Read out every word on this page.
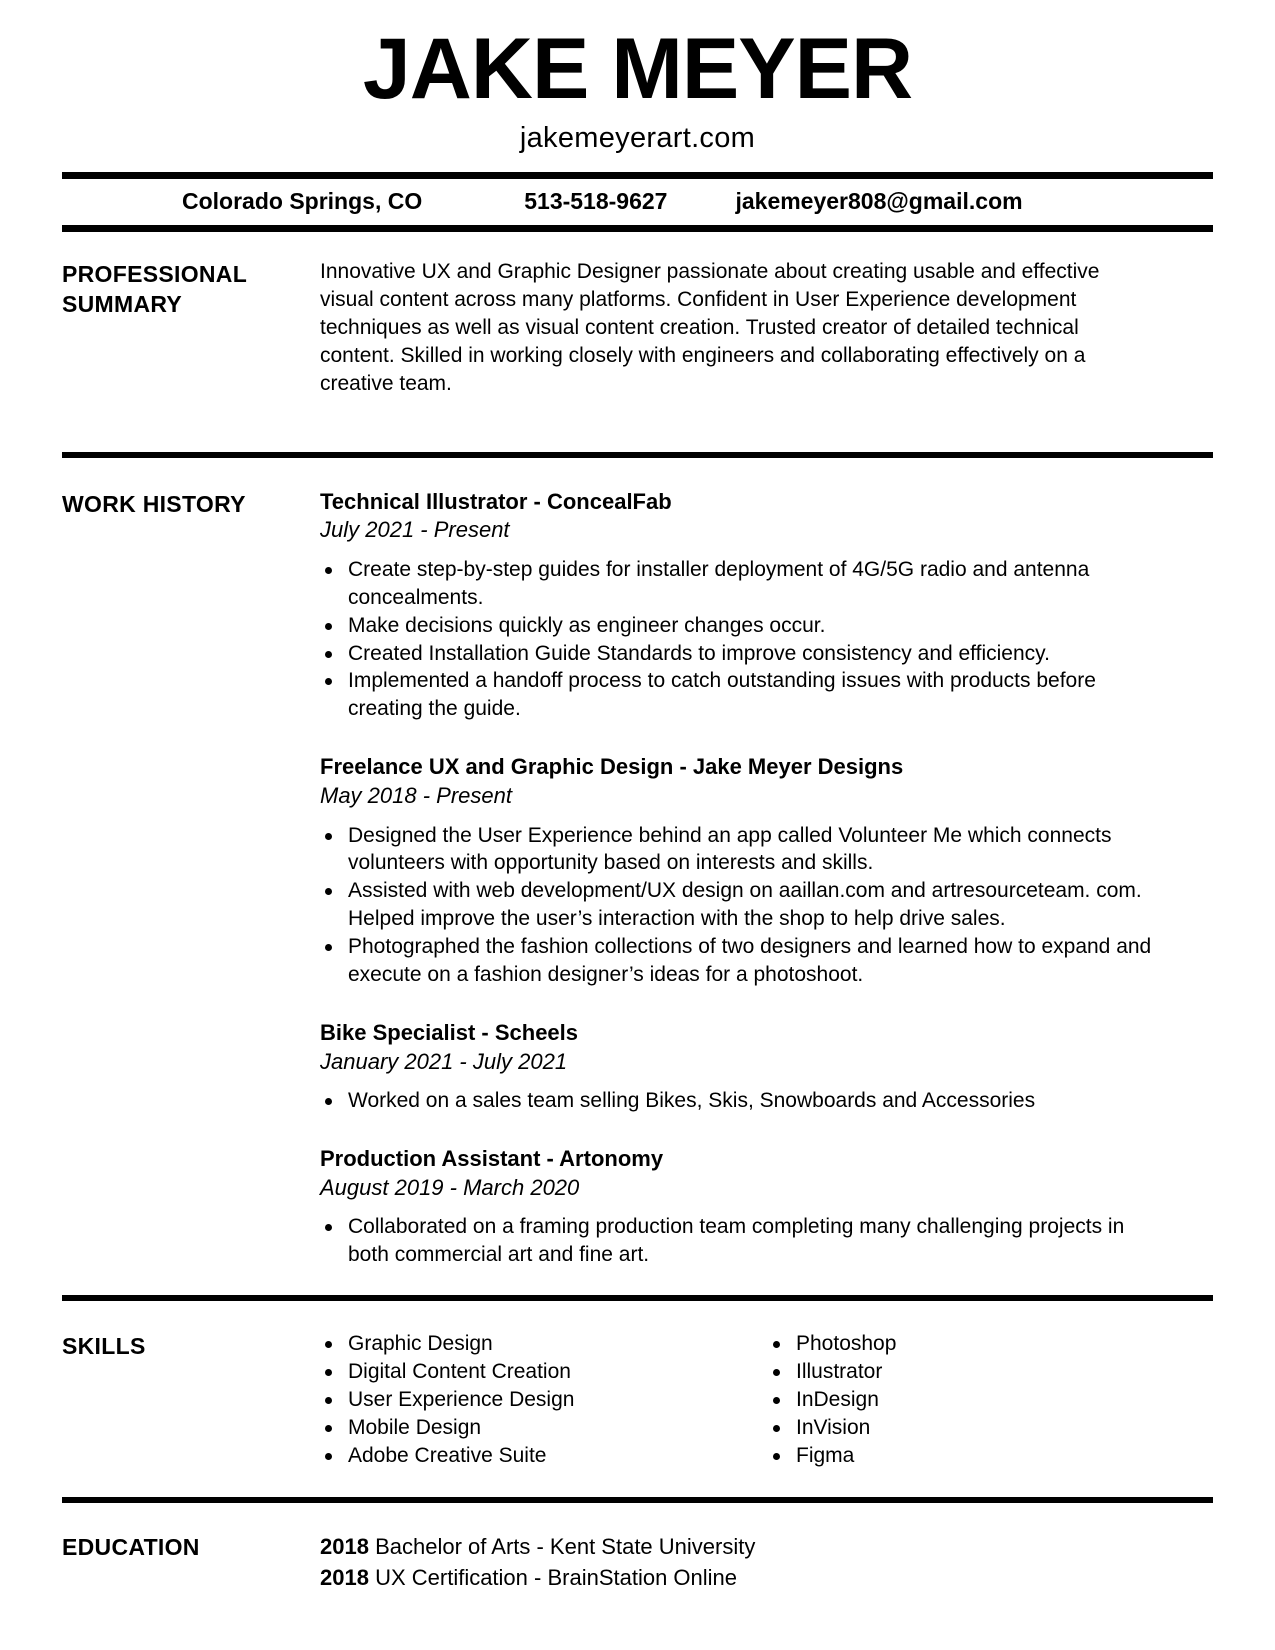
JAKE MEYER
jakemeyerart.com
Colorado Springs, CO	513-518-9627	jakemeyer808@gmail.com
PROFESSIONAL SUMMARY
Innovative UX and Graphic Designer passionate about creating usable and effective visual content across many platforms. Confident in User Experience development techniques as well as visual content creation. Trusted creator of detailed technical content. Skilled in working closely with engineers and collaborating effectively on a creative team.
WORK HISTORY	Technical Illustrator - ConcealFab
July 2021 - Present
Create step-by-step guides for installer deployment of 4G/5G radio and antenna concealments.
Make decisions quickly as engineer changes occur.
Created Installation Guide Standards to improve consistency and efficiency.
Implemented a handoff process to catch outstanding issues with products before creating the guide.
Freelance UX and Graphic Design - Jake Meyer Designs
May 2018 - Present
Designed the User Experience behind an app called Volunteer Me which connects volunteers with opportunity based on interests and skills.
Assisted with web development/UX design on aaillan.com and artresourceteam. com. Helped improve the user’s interaction with the shop to help drive sales.
Photographed the fashion collections of two designers and learned how to expand and execute on a fashion designer’s ideas for a photoshoot.
Bike Specialist - Scheels
January 2021 - July 2021
Worked on a sales team selling Bikes, Skis, Snowboards and Accessories
Production Assistant - Artonomy
August 2019 - March 2020
Collaborated on a framing production team completing many challenging projects in both commercial art and fine art.
SKILLS	Graphic Design
Digital Content Creation
User Experience Design
Mobile Design
Adobe Creative Suite
Photoshop
Illustrator
InDesign
InVision
Figma
EDUCATION	2018 Bachelor of Arts - Kent State University
2018 UX Certification - BrainStation Online
